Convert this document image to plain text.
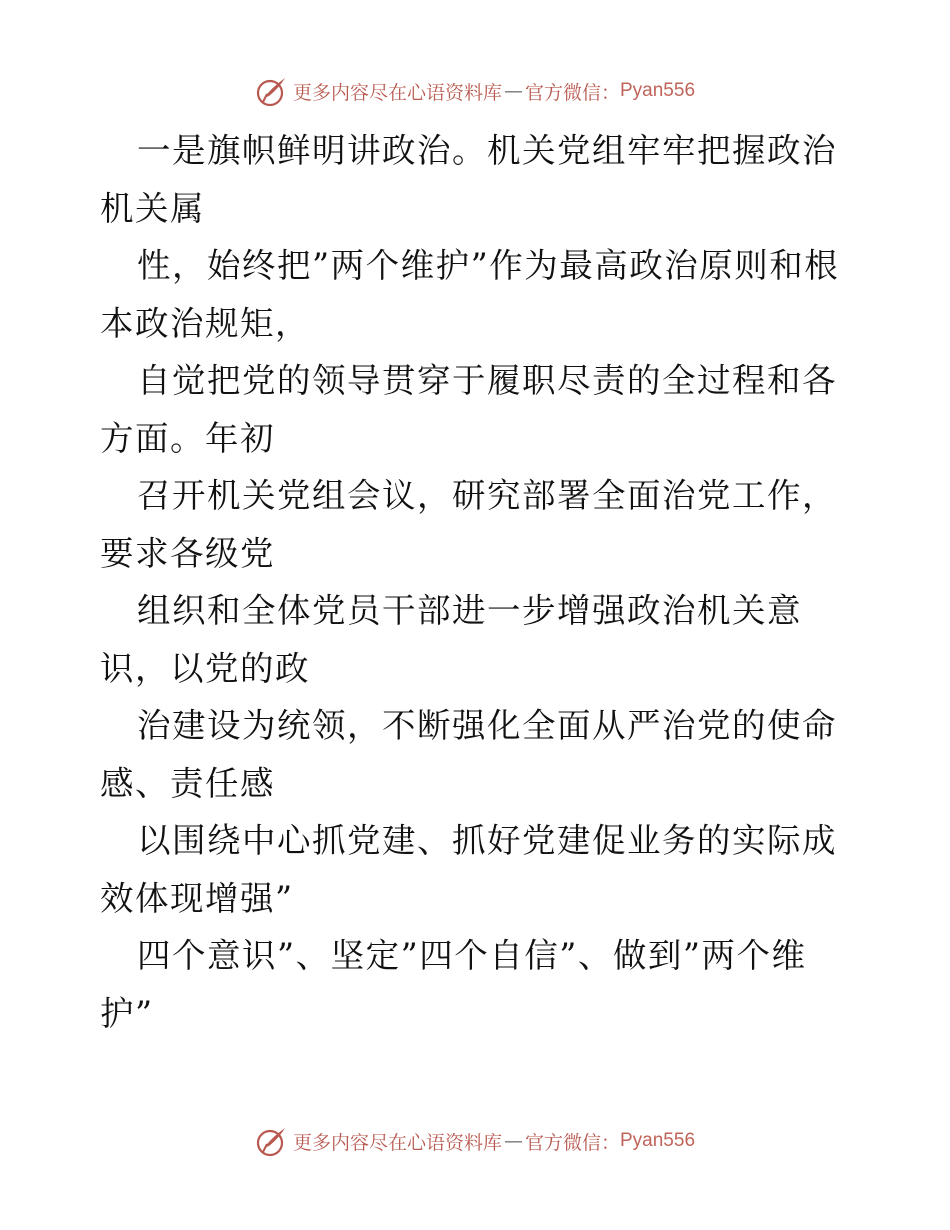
更多内容尽在心语资料库 — 官方微信： Pyan556

一是旗帜鲜明讲政治。机关党组牢牢把握政治机关属

性，始终把”两个维护”作为最高政治原则和根本政治规矩，

自觉把党的领导贯穿于履职尽责的全过程和各方面。年初

召开机关党组会议，研究部署全面治党工作，要求各级党

组织和全体党员干部进一步增强政治机关意识，以党的政

治建设为统领，不断强化全面从严治党的使命感、责任感

以围绕中心抓党建、抓好党建促业务的实际成效体现增强”

四个意识”、坚定”四个自信”、做到”两个维护”

更多内容尽在心语资料库 — 官方微信： Pyan556
